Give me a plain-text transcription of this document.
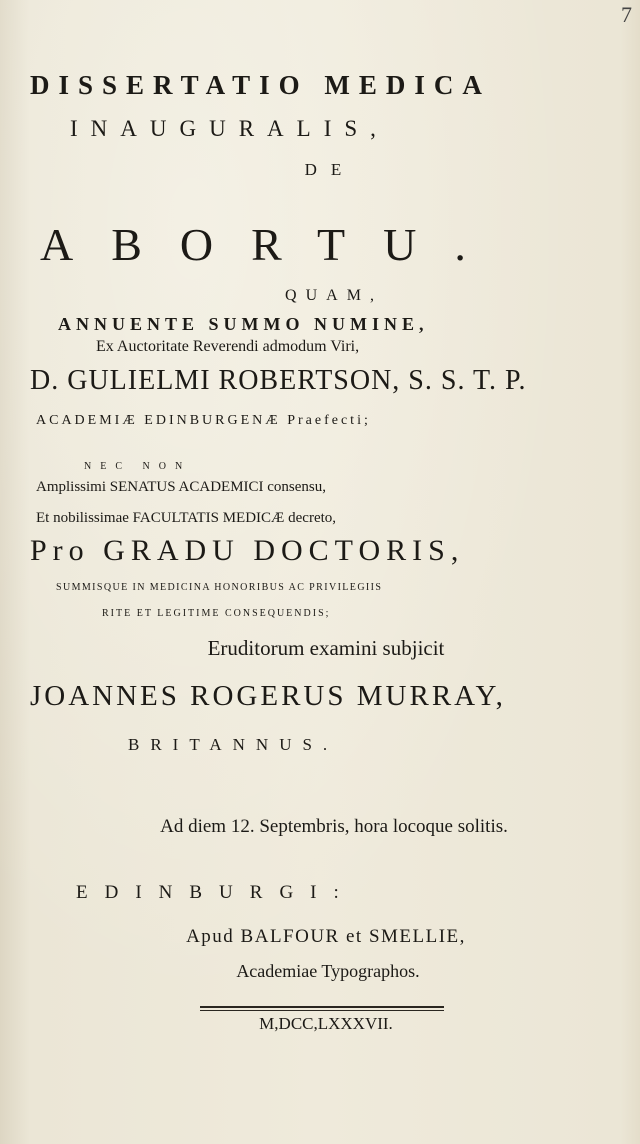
7
DISSERTATIO MEDICA
INAUGURALIS,
DE
ABORTU.
QUAM,
ANNUENTE SUMMO NUMINE,
Ex Auctoritate Reverendi admodum Viri,
D. GULIELMI ROBERTSON, S. S. T. P.
ACADEMIÆ EDINBURGENÆ Praefecti;
NEC NON
Amplissimi SENATUS ACADEMICI consensu,
Et nobilissimae FACULTATIS MEDICÆ decreto,
Pro GRADU DOCTORIS,
SUMMISQUE IN MEDICINA HONORIBUS AC PRIVILEGIIS
RITE ET LEGITIME CONSEQUENDIS;
Eruditorum examini subjicit
JOANNES ROGERUS MURRAY,
BRITANNUS.
Ad diem 12. Septembris, hora locoque solitis.
EDINBURGI:
Apud BALFOUR et SMELLIE,
Academiae Typographos.
M,DCC,LXXXVII.
